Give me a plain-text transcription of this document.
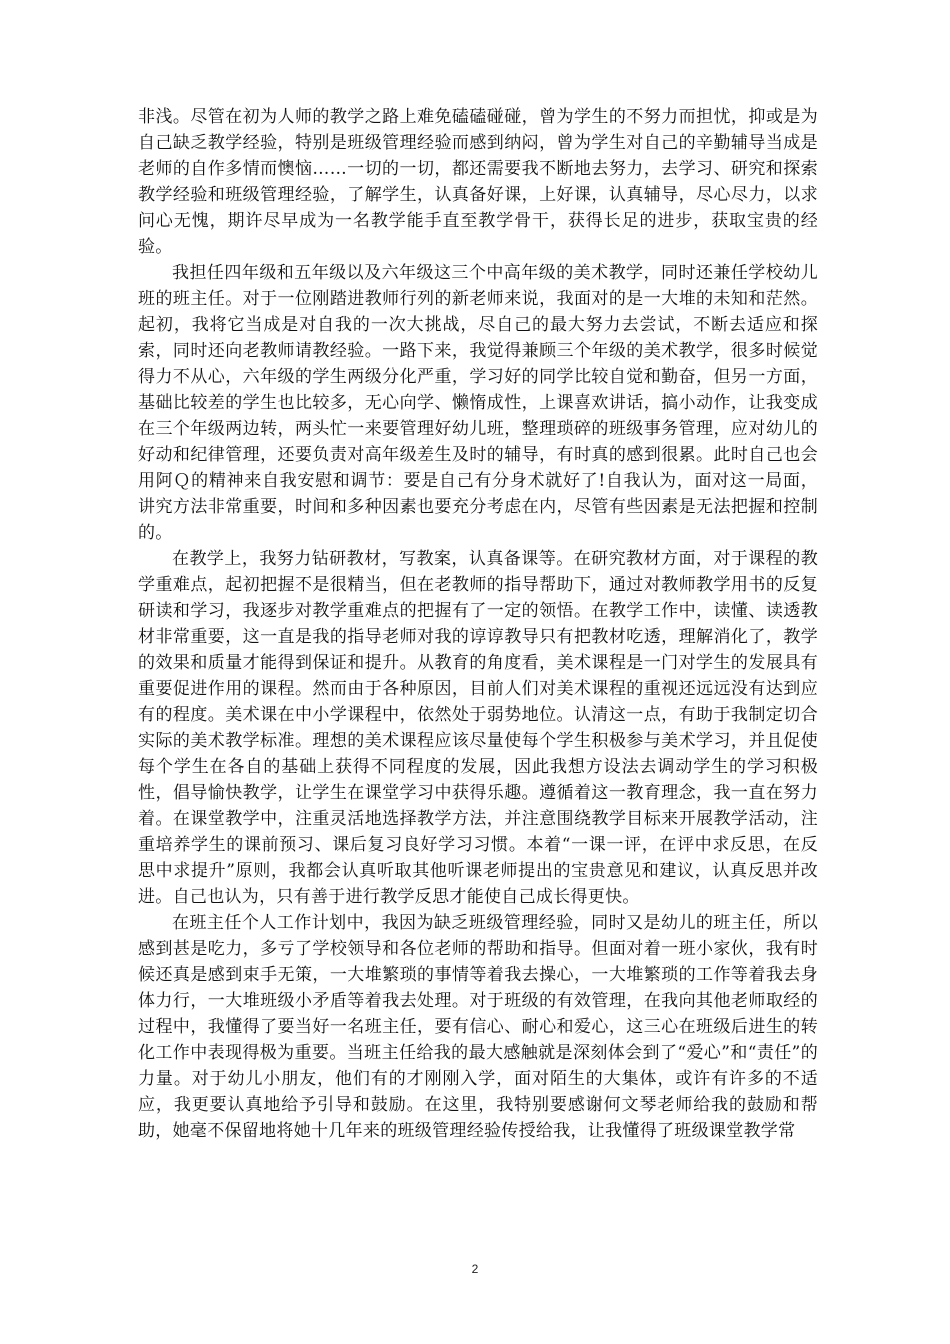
非浅。尽管在初为人师的教学之路上难免磕磕碰碰，曾为学生的不努力而担忧，抑或是为自己缺乏教学经验，特别是班级管理经验而感到纳闷，曾为学生对自己的辛勤辅导当成是老师的自作多情而懊恼……一切的一切，都还需要我不断地去努力，去学习、研究和探索教学经验和班级管理经验，了解学生，认真备好课，上好课，认真辅导，尽心尽力，以求问心无愧，期许尽早成为一名教学能手直至教学骨干，获得长足的进步，获取宝贵的经验。

我担任四年级和五年级以及六年级这三个中高年级的美术教学，同时还兼任学校幼儿班的班主任。对于一位刚踏进教师行列的新老师来说，我面对的是一大堆的未知和茫然。起初，我将它当成是对自我的一次大挑战，尽自己的最大努力去尝试，不断去适应和探索，同时还向老教师请教经验。一路下来，我觉得兼顾三个年级的美术教学，很多时候觉得力不从心，六年级的学生两级分化严重，学习好的同学比较自觉和勤奋，但另一方面，基础比较差的学生也比较多，无心向学、懒惰成性，上课喜欢讲话，搞小动作，让我变成在三个年级两边转，两头忙一来要管理好幼儿班，整理琐碎的班级事务管理，应对幼儿的好动和纪律管理，还要负责对高年级差生及时的辅导，有时真的感到很累。此时自己也会用阿Ｑ的精神来自我安慰和调节：要是自己有分身术就好了!自我认为，面对这一局面，讲究方法非常重要，时间和多种因素也要充分考虑在内，尽管有些因素是无法把握和控制的。

在教学上，我努力钻研教材，写教案，认真备课等。在研究教材方面，对于课程的教学重难点，起初把握不是很精当，但在老教师的指导帮助下，通过对教师教学用书的反复研读和学习，我逐步对教学重难点的把握有了一定的领悟。在教学工作中，读懂、读透教材非常重要，这一直是我的指导老师对我的谆谆教导只有把教材吃透，理解消化了，教学的效果和质量才能得到保证和提升。从教育的角度看，美术课程是一门对学生的发展具有重要促进作用的课程。然而由于各种原因，目前人们对美术课程的重视还远远没有达到应有的程度。美术课在中小学课程中，依然处于弱势地位。认清这一点，有助于我制定切合实际的美术教学标准。理想的美术课程应该尽量使每个学生积极参与美术学习，并且促使每个学生在各自的基础上获得不同程度的发展，因此我想方设法去调动学生的学习积极性，倡导愉快教学，让学生在课堂学习中获得乐趣。遵循着这一教育理念，我一直在努力着。在课堂教学中，注重灵活地选择教学方法，并注意围绕教学目标来开展教学活动，注重培养学生的课前预习、课后复习良好学习习惯。本着“一课一评，在评中求反思，在反思中求提升”原则，我都会认真听取其他听课老师提出的宝贵意见和建议，认真反思并改进。自己也认为，只有善于进行教学反思才能使自己成长得更快。

在班主任个人工作计划中，我因为缺乏班级管理经验，同时又是幼儿的班主任，所以感到甚是吃力，多亏了学校领导和各位老师的帮助和指导。但面对着一班小家伙，我有时候还真是感到束手无策，一大堆繁琐的事情等着我去操心，一大堆繁琐的工作等着我去身体力行，一大堆班级小矛盾等着我去处理。对于班级的有效管理，在我向其他老师取经的过程中，我懂得了要当好一名班主任，要有信心、耐心和爱心，这三心在班级后进生的转化工作中表现得极为重要。当班主任给我的最大感触就是深刻体会到了“爱心”和“责任”的力量。对于幼儿小朋友，他们有的才刚刚入学，面对陌生的大集体，或许有许多的不适应，我更要认真地给予引导和鼓励。在这里，我特别要感谢何文琴老师给我的鼓励和帮助，她毫不保留地将她十几年来的班级管理经验传授给我，让我懂得了班级课堂教学常

2
